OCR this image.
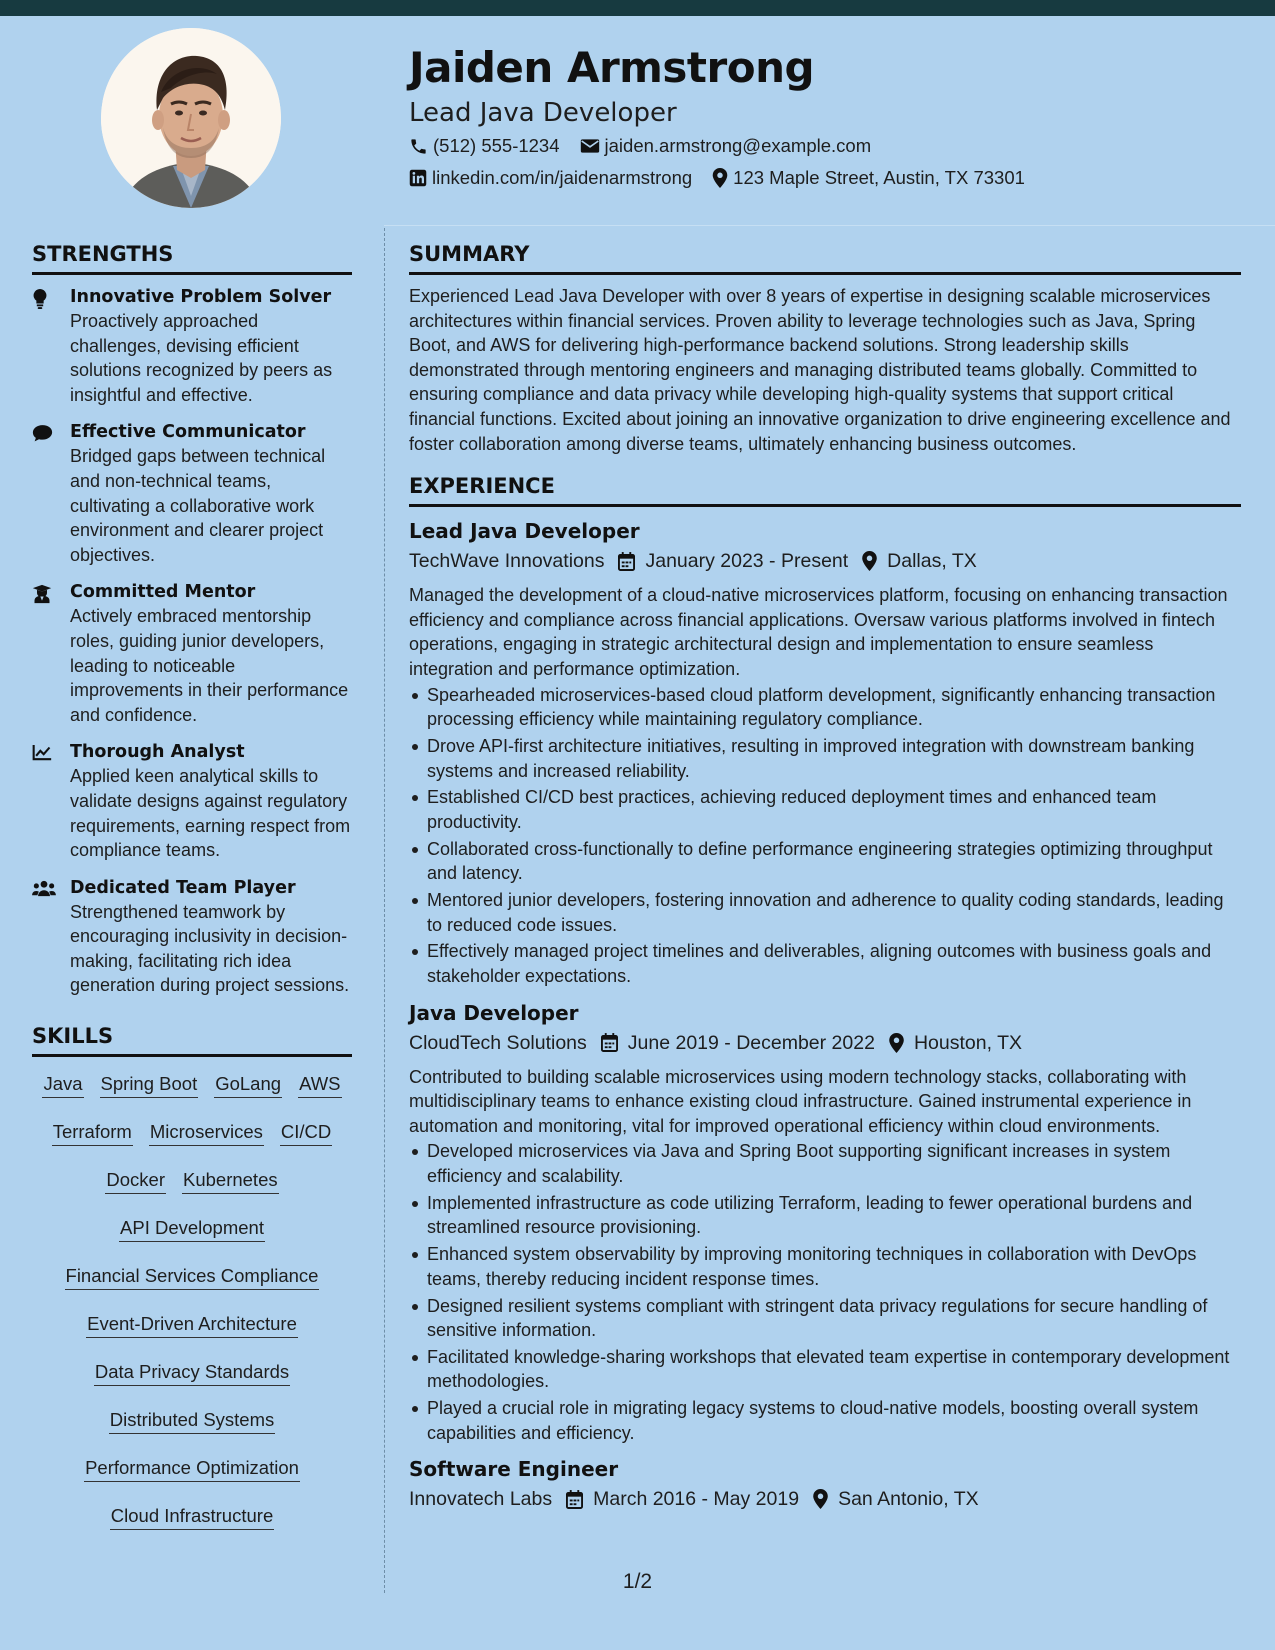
Jaiden Armstrong
Lead Java Developer
(512) 555-1234 jaiden.armstrong@example.com
linkedin.com/in/jaidenarmstrong 123 Maple Street, Austin, TX 73301
STRENGTHS
Innovative Problem Solver
Proactively approached challenges, devising efficient solutions recognized by peers as insightful and effective.
Effective Communicator
Bridged gaps between technical and non-technical teams, cultivating a collaborative work environment and clearer project objectives.
Committed Mentor
Actively embraced mentorship roles, guiding junior developers, leading to noticeable improvements in their performance and confidence.
Thorough Analyst
Applied keen analytical skills to validate designs against regulatory requirements, earning respect from compliance teams.
Dedicated Team Player
Strengthened teamwork by encouraging inclusivity in decision-making, facilitating rich idea generation during project sessions.
SKILLS
Java Spring Boot GoLang AWS
Terraform Microservices CI/CD
Docker Kubernetes
API Development
Financial Services Compliance
Event-Driven Architecture
Data Privacy Standards
Distributed Systems
Performance Optimization
Cloud Infrastructure
SUMMARY
Experienced Lead Java Developer with over 8 years of expertise in designing scalable microservices architectures within financial services. Proven ability to leverage technologies such as Java, Spring Boot, and AWS for delivering high-performance backend solutions. Strong leadership skills demonstrated through mentoring engineers and managing distributed teams globally. Committed to ensuring compliance and data privacy while developing high-quality systems that support critical financial functions. Excited about joining an innovative organization to drive engineering excellence and foster collaboration among diverse teams, ultimately enhancing business outcomes.
EXPERIENCE
Lead Java Developer
TechWave Innovations January 2023 - Present Dallas, TX
Managed the development of a cloud-native microservices platform, focusing on enhancing transaction efficiency and compliance across financial applications. Oversaw various platforms involved in fintech operations, engaging in strategic architectural design and implementation to ensure seamless integration and performance optimization.
Spearheaded microservices-based cloud platform development, significantly enhancing transaction processing efficiency while maintaining regulatory compliance.
Drove API-first architecture initiatives, resulting in improved integration with downstream banking systems and increased reliability.
Established CI/CD best practices, achieving reduced deployment times and enhanced team productivity.
Collaborated cross-functionally to define performance engineering strategies optimizing throughput and latency.
Mentored junior developers, fostering innovation and adherence to quality coding standards, leading to reduced code issues.
Effectively managed project timelines and deliverables, aligning outcomes with business goals and stakeholder expectations.
Java Developer
CloudTech Solutions June 2019 - December 2022 Houston, TX
Contributed to building scalable microservices using modern technology stacks, collaborating with multidisciplinary teams to enhance existing cloud infrastructure. Gained instrumental experience in automation and monitoring, vital for improved operational efficiency within cloud environments.
Developed microservices via Java and Spring Boot supporting significant increases in system efficiency and scalability.
Implemented infrastructure as code utilizing Terraform, leading to fewer operational burdens and streamlined resource provisioning.
Enhanced system observability by improving monitoring techniques in collaboration with DevOps teams, thereby reducing incident response times.
Designed resilient systems compliant with stringent data privacy regulations for secure handling of sensitive information.
Facilitated knowledge-sharing workshops that elevated team expertise in contemporary development methodologies.
Played a crucial role in migrating legacy systems to cloud-native models, boosting overall system capabilities and efficiency.
Software Engineer
Innovatech Labs March 2016 - May 2019 San Antonio, TX
1/2
